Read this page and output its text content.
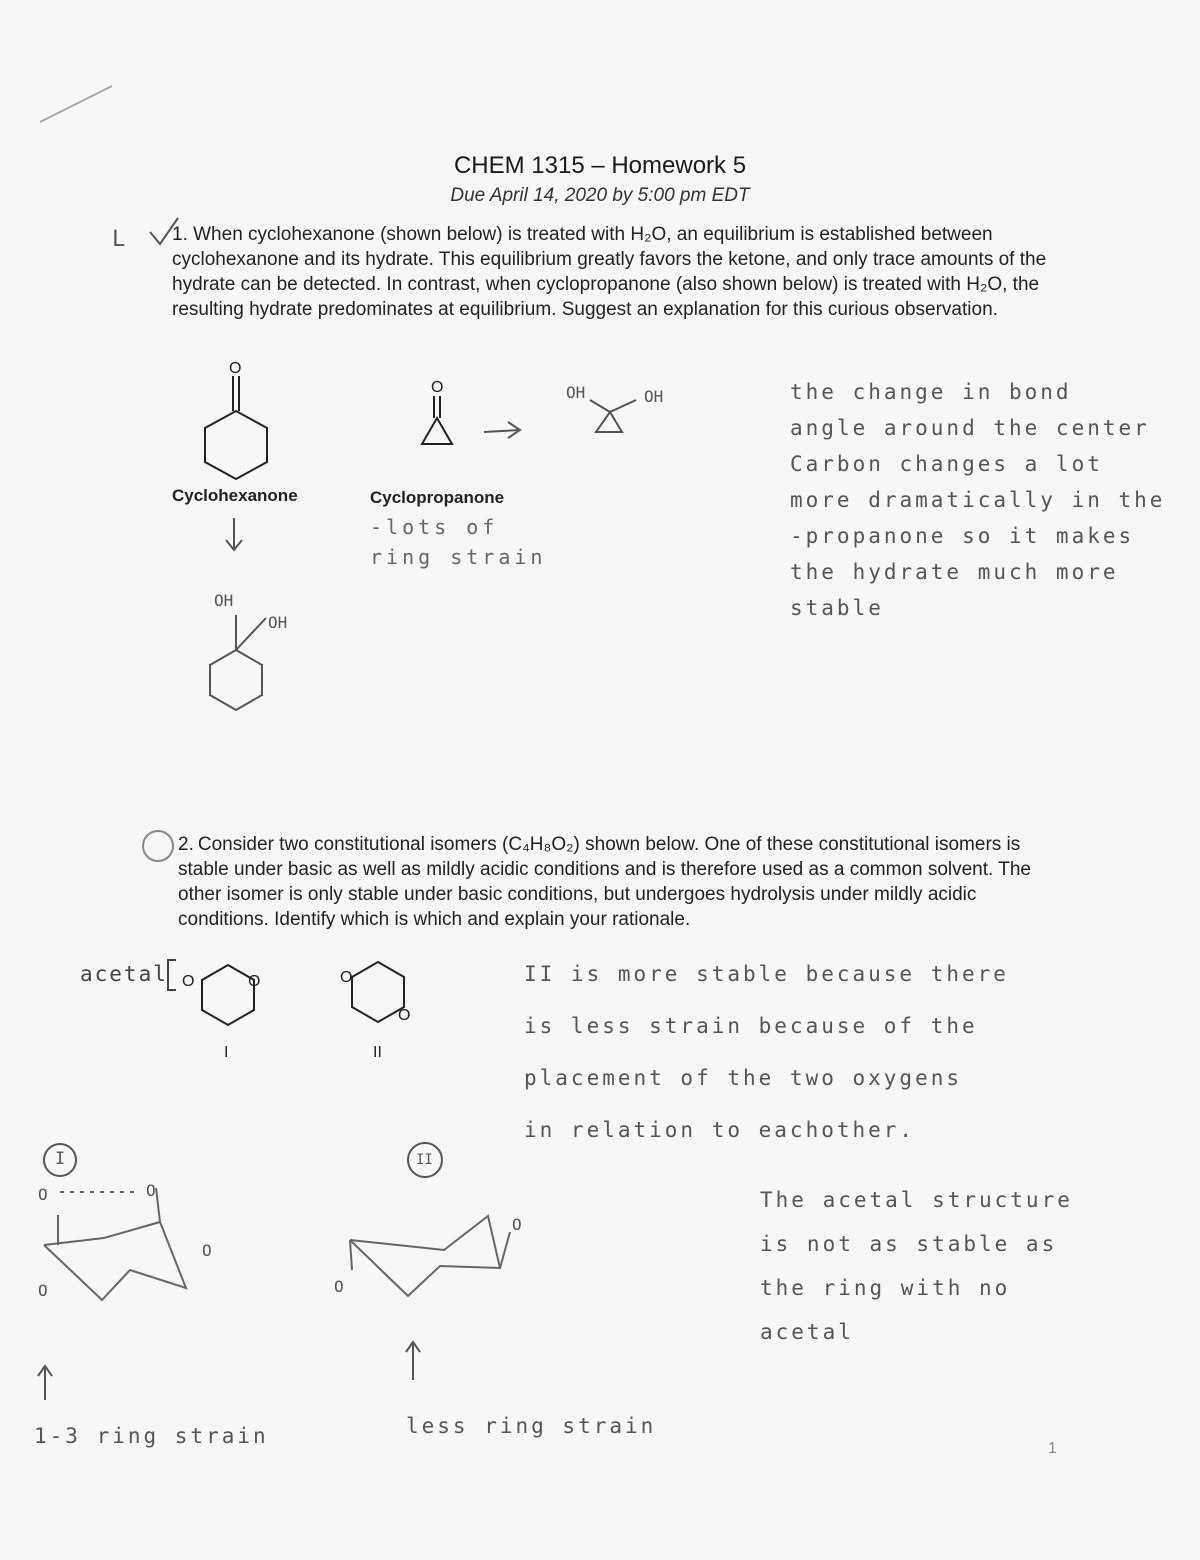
CHEM 1315 – Homework 5
Due April 14, 2020 by 5:00 pm EDT
L 1. When cyclohexanone (shown below) is treated with H₂O, an equilibrium is established between cyclohexanone and its hydrate. This equilibrium greatly favors the ketone, and only trace amounts of the hydrate can be detected. In contrast, when cyclopropanone (also shown below) is treated with H₂O, the resulting hydrate predominates at equilibrium. Suggest an explanation for this curious observation.
O
OH
OH
O	OH	OH
O	O	O
O
O	O
O
O
O
O
Cyclohexanone	Cyclopropanone
-lots of
ring strain
the change in bond
angle around the center
Carbon changes a lot
more dramatically in the
-propanone so it makes
the hydrate much more
stable
2. Consider two constitutional isomers (C₄H₈O₂) shown below. One of these constitutional isomers is stable under basic as well as mildly acidic conditions and is therefore used as a common solvent. The other isomer is only stable under basic conditions, but undergoes hydrolysis under mildly acidic conditions. Identify which is which and explain your rationale.
acetal
I	II
II is more stable because there
is less strain because of the
placement of the two oxygens
in relation to eachother.
The acetal structure
is not as stable as
the ring with no
acetal
I	II
1-3 ring strain	less ring strain
1
